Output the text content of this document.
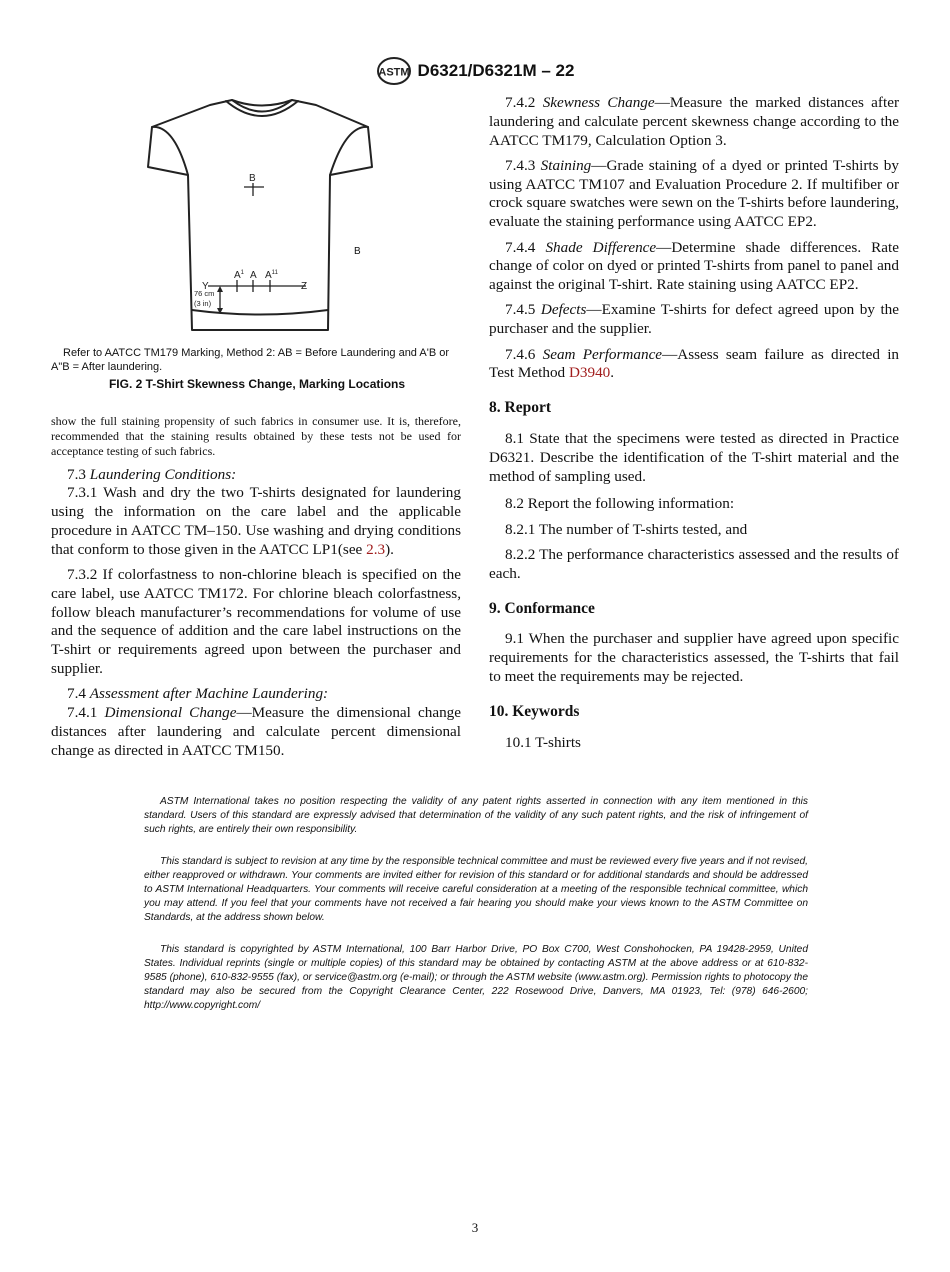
ASTM D6321/D6321M – 22
B
Y
$A^1$ A $A^{11}$
Z
76 cm
(3 in)
B
Refer to AATCC TM179 Marking, Method 2: AB = Before Laundering and A'B or A"B = After laundering.
FIG. 2 T-Shirt Skewness Change, Marking Locations

show the full staining propensity of such fabrics in consumer use. It is, therefore, recommended that the staining results obtained by these tests not be used for acceptance testing of such fabrics.

7.3 Laundering Conditions:

7.3.1 Wash and dry the two T-shirts designated for laundering using the information on the care label and the applicable procedure in AATCC TM–150. Use washing and drying conditions that conform to those given in the AATCC LP1(see 2.3).

7.3.2 If colorfastness to non-chlorine bleach is specified on the care label, use AATCC TM172. For chlorine bleach colorfastness, follow bleach manufacturer’s recommendations for volume of use and the sequence of addition and the care label instructions on the T-shirt or requirements agreed upon between the purchaser and supplier.

7.4 Assessment after Machine Laundering:

7.4.1 Dimensional Change—Measure the dimensional change distances after laundering and calculate percent dimensional change as directed in AATCC TM150.

7.4.2 Skewness Change—Measure the marked distances after laundering and calculate percent skewness change according to the AATCC TM179, Calculation Option 3.

7.4.3 Staining—Grade staining of a dyed or printed T-shirts by using AATCC TM107 and Evaluation Procedure 2. If multifiber or crock square swatches were sewn on the T-shirts before laundering, evaluate the staining performance using AATCC EP2.

7.4.4 Shade Difference—Determine shade differences. Rate change of color on dyed or printed T-shirts from panel to panel and against the original T-shirt. Rate staining using AATCC EP2.

7.4.5 Defects—Examine T-shirts for defect agreed upon by the purchaser and the supplier.

7.4.6 Seam Performance—Assess seam failure as directed in Test Method D3940.

8. Report

8.1 State that the specimens were tested as directed in Practice D6321. Describe the identification of the T-shirt material and the method of sampling used.

8.2 Report the following information:

8.2.1 The number of T-shirts tested, and

8.2.2 The performance characteristics assessed and the results of each.

9. Conformance

9.1 When the purchaser and supplier have agreed upon specific requirements for the characteristics assessed, the T-shirts that fail to meet the requirements may be rejected.

10. Keywords

10.1 T-shirts

ASTM International takes no position respecting the validity of any patent rights asserted in connection with any item mentioned in this standard. Users of this standard are expressly advised that determination of the validity of any such patent rights, and the risk of infringement of such rights, are entirely their own responsibility.

This standard is subject to revision at any time by the responsible technical committee and must be reviewed every five years and if not revised, either reapproved or withdrawn. Your comments are invited either for revision of this standard or for additional standards and should be addressed to ASTM International Headquarters. Your comments will receive careful consideration at a meeting of the responsible technical committee, which you may attend. If you feel that your comments have not received a fair hearing you should make your views known to the ASTM Committee on Standards, at the address shown below.

This standard is copyrighted by ASTM International, 100 Barr Harbor Drive, PO Box C700, West Conshohocken, PA 19428-2959, United States. Individual reprints (single or multiple copies) of this standard may be obtained by contacting ASTM at the above address or at 610-832-9585 (phone), 610-832-9555 (fax), or service@astm.org (e-mail); or through the ASTM website (www.astm.org). Permission rights to photocopy the standard may also be secured from the Copyright Clearance Center, 222 Rosewood Drive, Danvers, MA 01923, Tel: (978) 646-2600; http://www.copyright.com/

3
